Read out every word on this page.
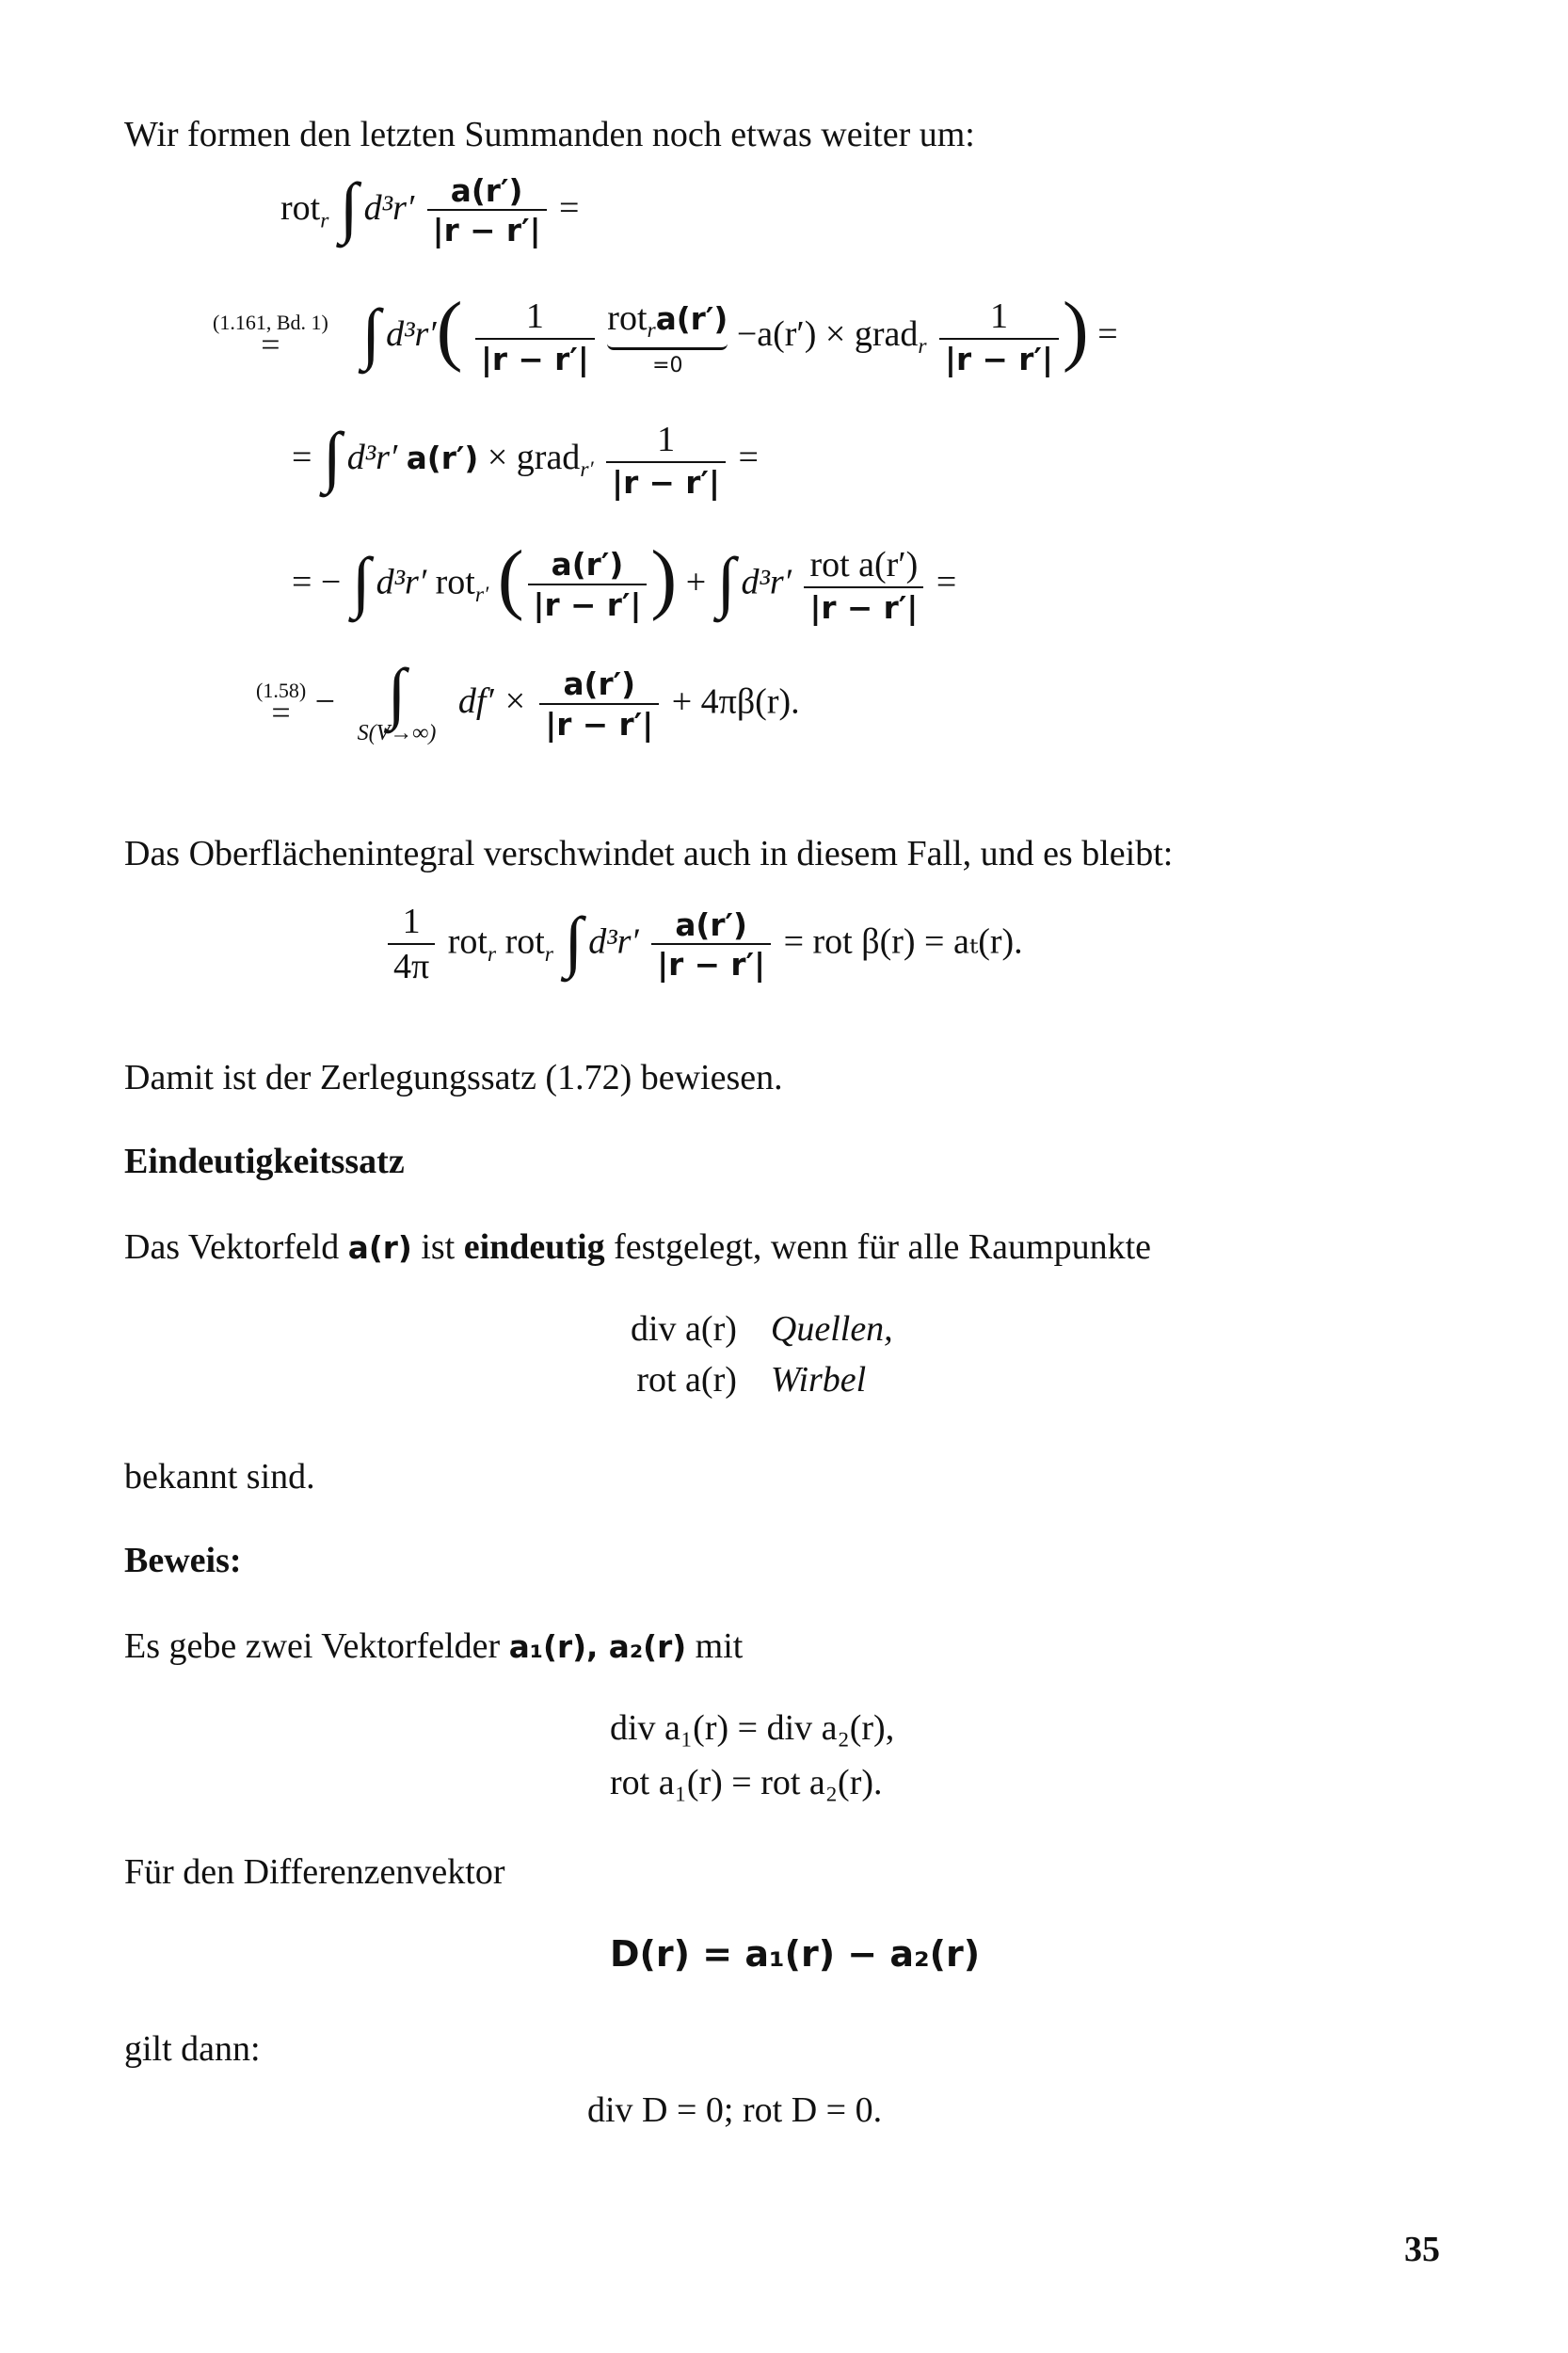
Wir formen den letzten Summanden noch etwas weiter um:
rot$_r$ ∫ $d^3r' \frac{a(r')}{|r - r'|}$ =
(1.161, Bd. 1)
= ∫ $d^3r'( \frac{1}{|r - r'|}$
rot$_r$a(r′)
=0
−a(r′) × grad$_r$ $\frac{1}{|r - r'|}$ ) =
= ∫ d³r′ a(r′) × grad$_{r'}$ $\frac{1}{|r - r'|}$ =
= − ∫ d³r′ rot$_{r'}$ ( $\frac{a(r')}{|r - r'|}$ ) + ∫ $d^3r' \frac{\text{rot a(r′)}}{|r - r'|}$ =
(1.58)
= − ∫
S(V→∞)
$df' \times \frac{a(r')}{|r - r'|} + 4\pi\beta(r)$.
Das Oberflächenintegral verschwindet auch in diesem Fall, und es bleibt:
$\frac{1}{4\pi} rot_r$ rot$_r$ ∫ $d^3r' \frac{a(r')}{|r - r'|}$ = rot β(r) = aₜ(r).
Damit ist der Zerlegungssatz (1.72) bewiesen.
Eindeutigkeitssatz
Das Vektorfeld a(r) ist eindeutig festgelegt, wenn für alle Raumpunkte
div a(r) Quellen,
rot a(r) Wirbel
bekannt sind.
Beweis:
Es gebe zwei Vektorfelder a₁(r), a₂(r) mit
div a₁(r) = div a₂(r),
rot a₁(r) = rot a₂(r).
Für den Differenzenvektor
D(r) = a₁(r) − a₂(r)
gilt dann:
div D = 0; rot D = 0.
35
